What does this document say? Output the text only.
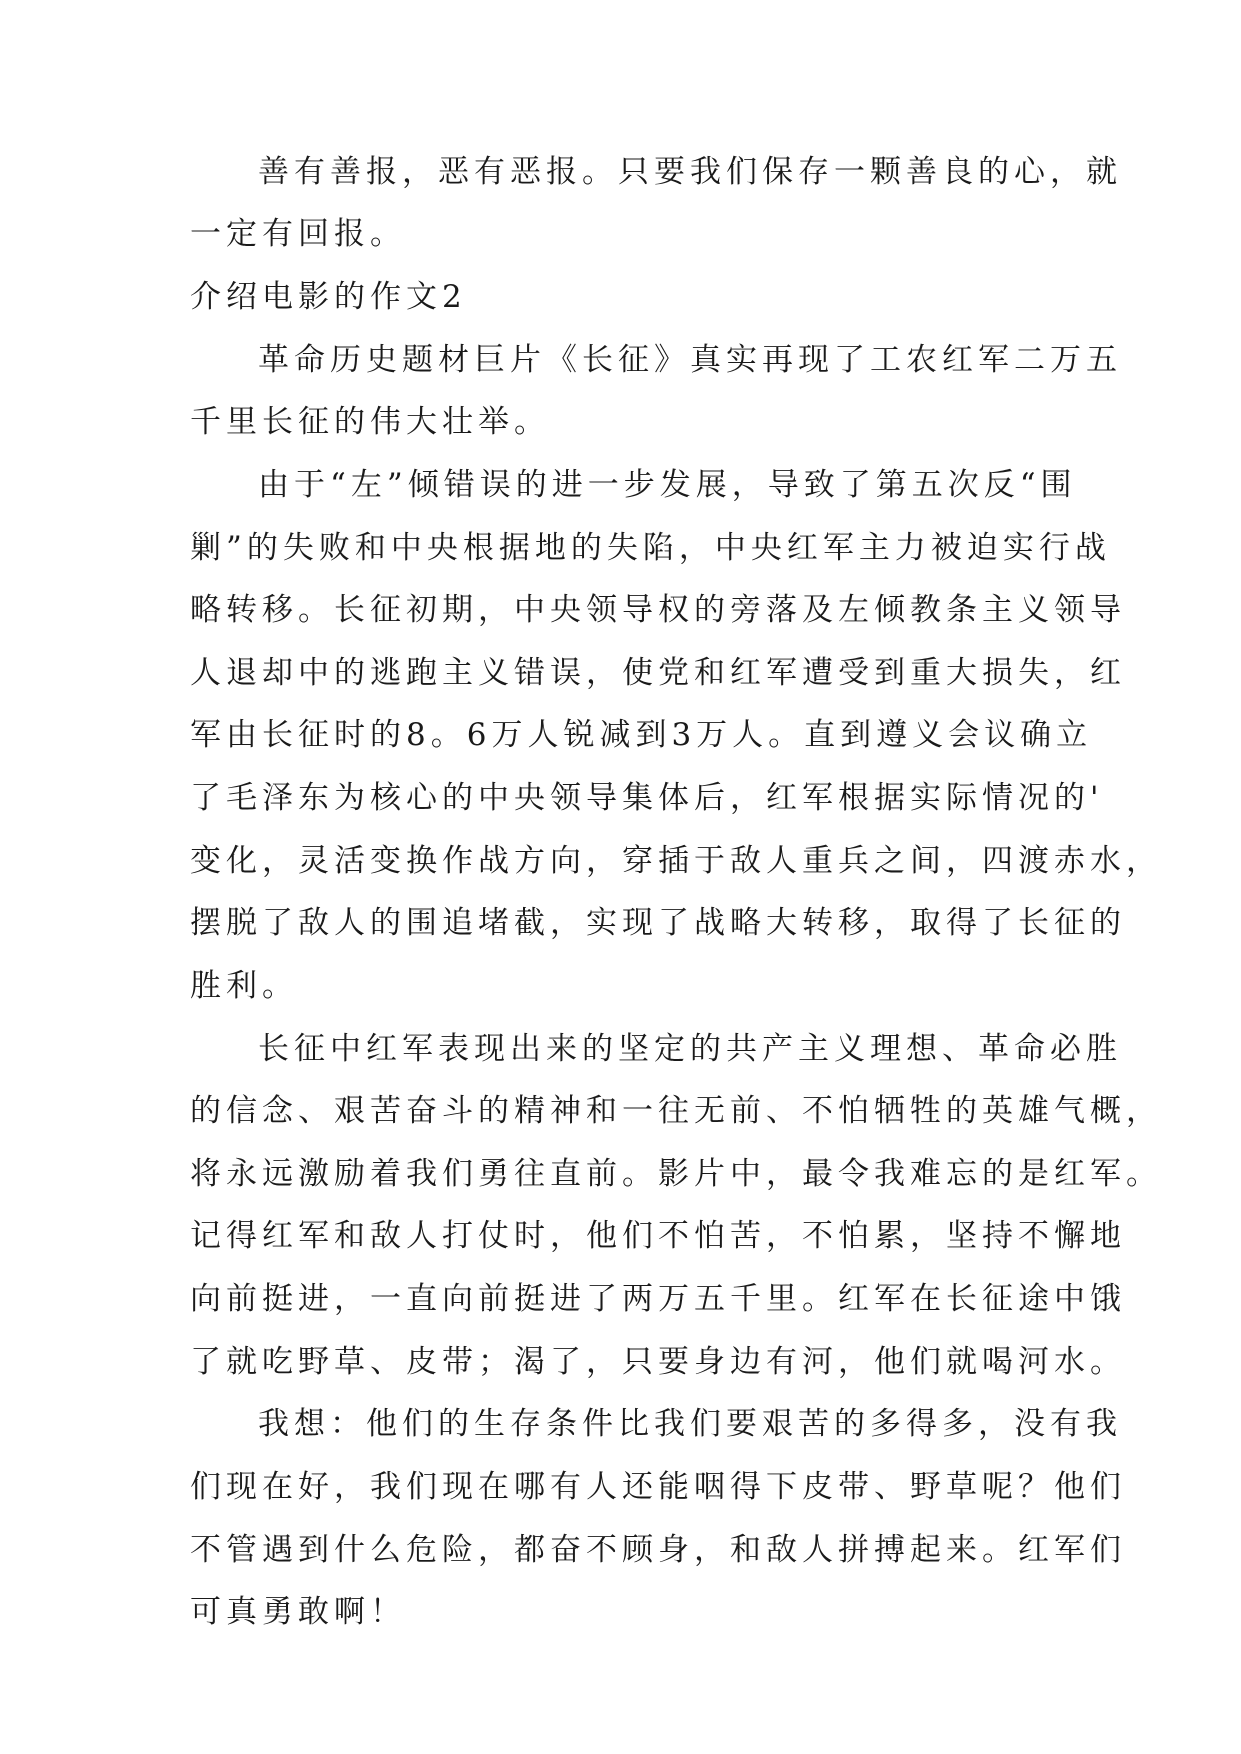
善有善报，恶有恶报。只要我们保存一颗善良的心，就
一定有回报。
介绍电影的作文2
革命历史题材巨片《长征》真实再现了工农红军二万五
千里长征的伟大壮举。
由于“左”倾错误的进一步发展，导致了第五次反“围
剿”的失败和中央根据地的失陷，中央红军主力被迫实行战
略转移。长征初期，中央领导权的旁落及左倾教条主义领导
人退却中的逃跑主义错误，使党和红军遭受到重大损失，红
军由长征时的8。6万人锐减到3万人。直到遵义会议确立
了毛泽东为核心的中央领导集体后，红军根据实际情况的'
变化，灵活变换作战方向，穿插于敌人重兵之间，四渡赤水，
摆脱了敌人的围追堵截，实现了战略大转移，取得了长征的
胜利。
长征中红军表现出来的坚定的共产主义理想、革命必胜
的信念、艰苦奋斗的精神和一往无前、不怕牺牲的英雄气概，
将永远激励着我们勇往直前。影片中，最令我难忘的是红军。
记得红军和敌人打仗时，他们不怕苦，不怕累，坚持不懈地
向前挺进，一直向前挺进了两万五千里。红军在长征途中饿
了就吃野草、皮带；渴了，只要身边有河，他们就喝河水。
我想：他们的生存条件比我们要艰苦的多得多，没有我
们现在好，我们现在哪有人还能咽得下皮带、野草呢？他们
不管遇到什么危险，都奋不顾身，和敌人拼搏起来。红军们
可真勇敢啊！
